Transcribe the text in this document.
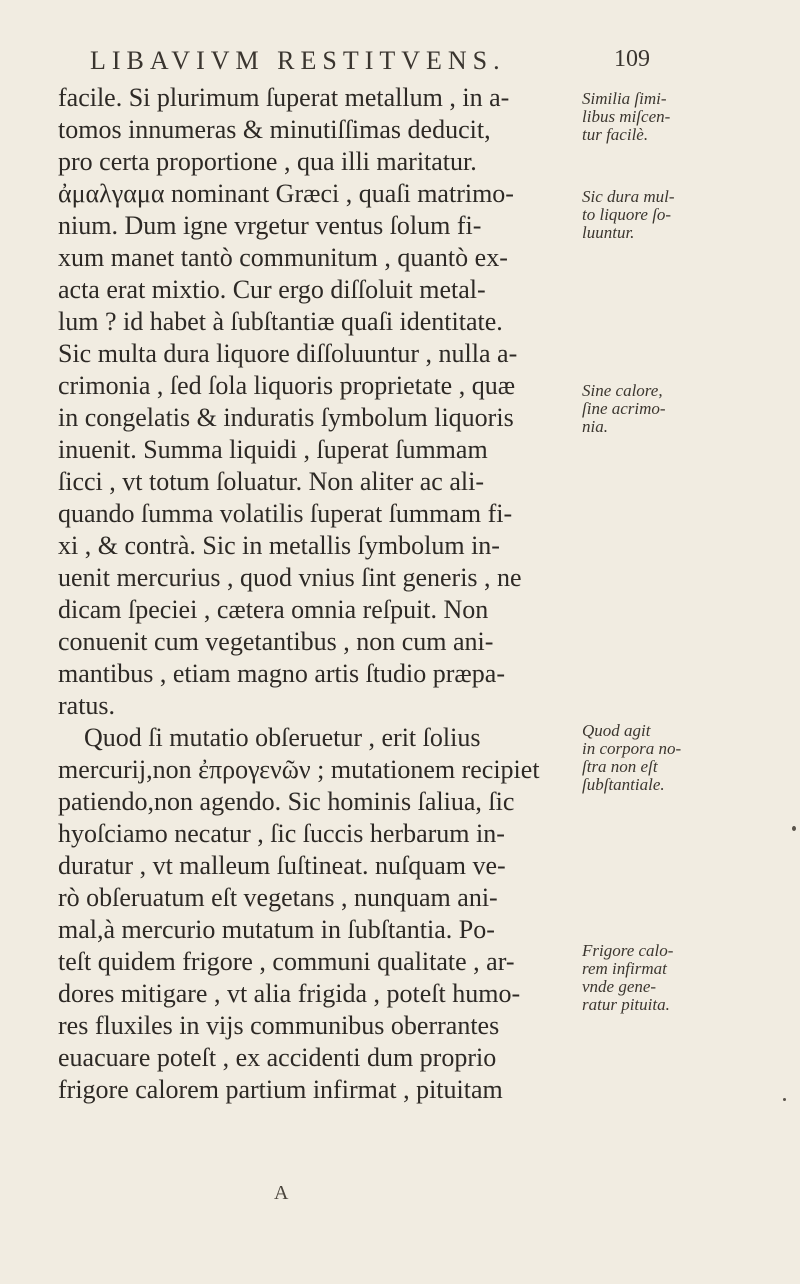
LIBAVIVM RESTITVENS.	109
facile. Si plurimum ſuperat metallum , in a-
tomos innumeras & minutiſſimas deducit,
pro certa proportione , qua illi maritatur.
ἀμαλγαμα nominant Græci , quaſi matrimo-
nium. Dum igne vrgetur ventus ſolum fi-
xum manet tantò communitum , quantò ex-
acta erat mixtio. Cur ergo diſſoluit metal-
lum ? id habet à ſubſtantiæ quaſi identitate.
Sic multa dura liquore diſſoluuntur , nulla a-
crimonia , ſed ſola liquoris proprietate , quæ
in congelatis & induratis ſymbolum liquoris
inuenit. Summa liquidi , ſuperat ſummam
ſicci , vt totum ſoluatur. Non aliter ac ali-
quando ſumma volatilis ſuperat ſummam fi-
xi , & contrà. Sic in metallis ſymbolum in-
uenit mercurius , quod vnius ſint generis , ne
dicam ſpeciei , cætera omnia reſpuit. Non
conuenit cum vegetantibus , non cum ani-
mantibus , etiam magno artis ſtudio præpa-
ratus.
Quod ſi mutatio obſeruetur , erit ſolius
mercurij,non ἐπρογενῶν ; mutationem recipiet
patiendo,non agendo. Sic hominis ſaliua, ſic
hyoſciamo necatur , ſic ſuccis herbarum in-
duratur , vt malleum ſuſtineat. nuſquam ve-
rò obſeruatum eſt vegetans , nunquam ani-
mal,à mercurio mutatum in ſubſtantia. Po-
teſt quidem frigore , communi qualitate , ar-
dores mitigare , vt alia frigida , poteſt humo-
res fluxiles in vijs communibus oberrantes
euacuare poteſt , ex accidenti dum proprio
frigore calorem partium infirmat , pituitam
Similia ſimi-
libus miſcen-
tur facilè.
Sic dura mul-
to liquore ſo-
luuntur.
Sine calore,
ſine acrimo-
nia.
Quod agit
in corpora no-
ſtra non eſt
ſubſtantiale.
Frigore calo-
rem infirmat
vnde gene-
ratur pituita.
A
